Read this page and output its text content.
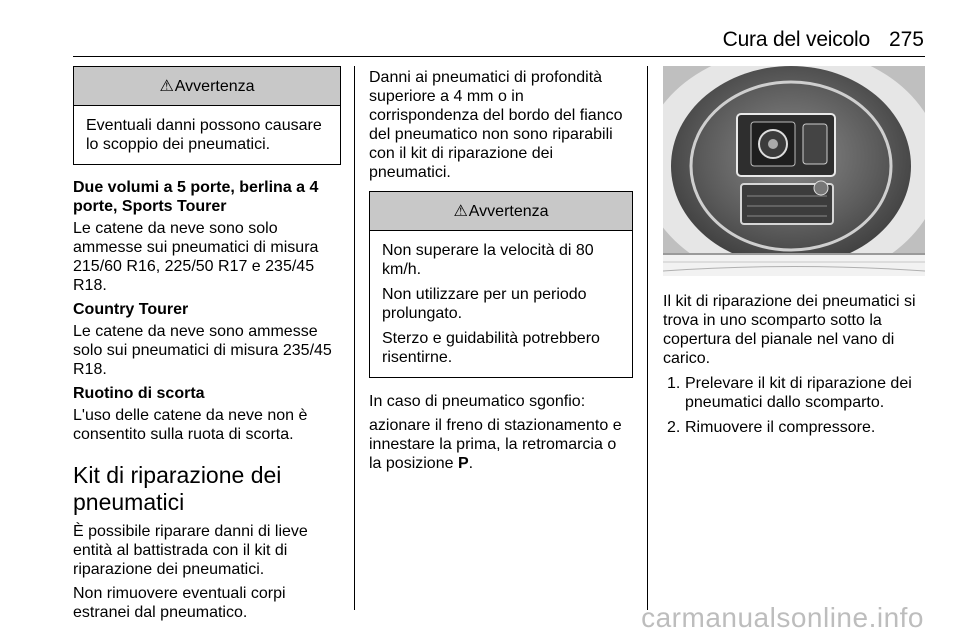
Cura del veicolo 275
⚠ Avvertenza

Eventuali danni possono causare lo scoppio dei pneumatici.

Due volumi a 5 porte, berlina a 4 porte, Sports Tourer

Le catene da neve sono solo ammesse sui pneumatici di misura 215/60 R16, 225/50 R17 e 235/45 R18.

Country Tourer

Le catene da neve sono ammesse solo sui pneumatici di misura 235/45 R18.

Ruotino di scorta

L'uso delle catene da neve non è consentito sulla ruota di scorta.

Kit di riparazione dei pneumatici

È possibile riparare danni di lieve entità al battistrada con il kit di riparazione dei pneumatici.

Non rimuovere eventuali corpi estranei dal pneumatico.

Danni ai pneumatici di profondità superiore a 4 mm o in corrispondenza del bordo del fianco del pneumatico non sono riparabili con il kit di riparazione dei pneumatici.

⚠ Avvertenza

Non superare la velocità di 80 km/h.

Non utilizzare per un periodo prolungato.

Sterzo e guidabilità potrebbero risentirne.

In caso di pneumatico sgonfio:

azionare il freno di stazionamento e innestare la prima, la retromarcia o la posizione P.

Il kit di riparazione dei pneumatici si trova in uno scomparto sotto la copertura del pianale nel vano di carico.

1. Prelevare il kit di riparazione dei pneumatici dallo scomparto.
2. Rimuovere il compressore.
carmanualsonline.info
